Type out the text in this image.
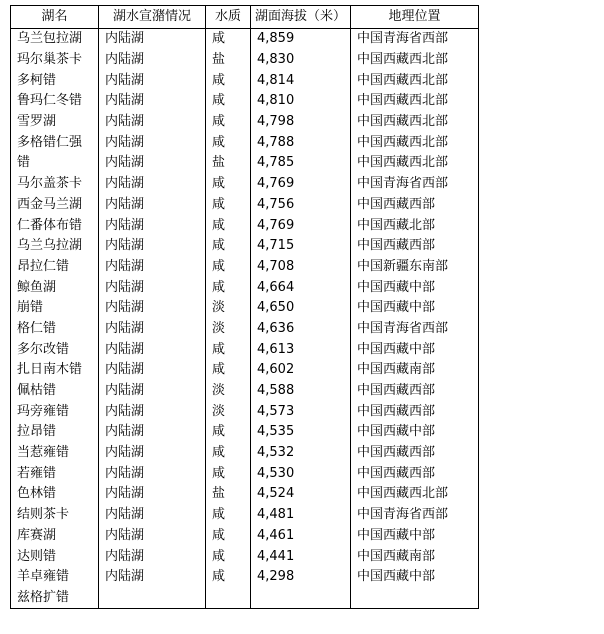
湖名	湖水宣潴情况	水质	湖面海拔（米）	地理位置
乌兰包拉湖	内陆湖	咸	4,859	中国青海省西部
玛尔巢茶卡	内陆湖	盐	4,830	中国西藏西北部
多柯错	内陆湖	咸	4,814	中国西藏西北部
鲁玛仁冬错	内陆湖	咸	4,810	中国西藏西北部
雪罗湖	内陆湖	咸	4,798	中国西藏西北部
多格错仁强	内陆湖	咸	4,788	中国西藏西北部
错	内陆湖	盐	4,785	中国西藏西北部
马尔盖茶卡	内陆湖	咸	4,769	中国青海省西部
西金马兰湖	内陆湖	咸	4,756	中国西藏西部
仁番体布错	内陆湖	咸	4,769	中国西藏北部
乌兰乌拉湖	内陆湖	咸	4,715	中国西藏西部
昂拉仁错	内陆湖	咸	4,708	中国新疆东南部
鲸鱼湖	内陆湖	咸	4,664	中国西藏中部
崩错	内陆湖	淡	4,650	中国西藏中部
格仁错	内陆湖	淡	4,636	中国青海省西部
多尔改错	内陆湖	咸	4,613	中国西藏中部
扎日南木错	内陆湖	咸	4,602	中国西藏南部
佩枯错	内陆湖	淡	4,588	中国西藏西部
玛旁雍错	内陆湖	淡	4,573	中国西藏西部
拉昂错	内陆湖	咸	4,535	中国西藏中部
当惹雍错	内陆湖	咸	4,532	中国西藏西部
若雍错	内陆湖	咸	4,530	中国西藏西部
色林错	内陆湖	盐	4,524	中国西藏西北部
结则茶卡	内陆湖	咸	4,481	中国青海省西部
库赛湖	内陆湖	咸	4,461	中国西藏中部
达则错	内陆湖	咸	4,441	中国西藏南部
羊卓雍错	内陆湖	咸	4,298	中国西藏中部
兹格扩错				
